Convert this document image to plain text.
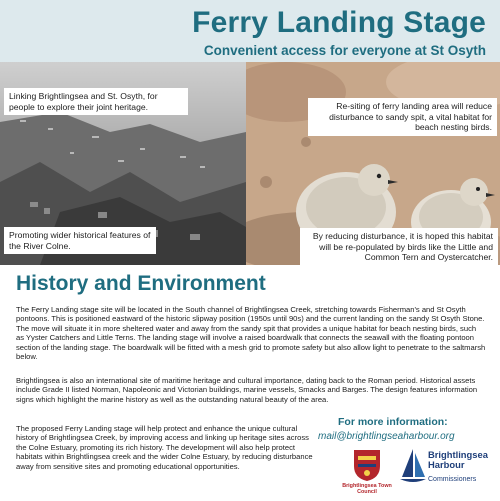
Ferry Landing Stage
Convenient access for everyone at St Osyth
Linking Brightlingsea and St. Osyth, for people to explore their joint heritage.
Promoting wider historical features of the River Colne.
Re-siting of ferry landing area will reduce disturbance to sandy spit, a vital habitat for beach nesting birds.
By reducing disturbance, it is hoped this habitat will be re-populated by birds like the Little and Common Tern and Oystercatcher.
History and Environment

The Ferry Landing stage site will be located in the South channel of Brightlingsea Creek, stretching towards Fisherman's and St Osyth pontoons. This is positioned eastward of the historic slipway position (1950s until 90s) and the current landing on the sandy St Osyth Stone. The move will situate it in more sheltered water and away from the sandy spit that provides a unique habitat for beach nesting birds, such as Yyster Catchers and Little Terns. The landing stage will involve a raised boardwalk that connects the seawall with the floating pontoon section of the landing stage. The boardwalk will be fitted with a mesh grid to promote safety but also allow light to penetrate to the saltmarsh below.

Brightlingsea is also an international site of maritime heritage and cultural importance, dating back to the Roman period. Historical assets include Grade II listed Norman, Napoleonic and Victorian buildings, marine vessels, Smacks and Barges. The design features information signs which highlight the marine history as well as the outstanding natural beauty of the area.

The proposed Ferry Landing stage will help protect and enhance the unique cultural history of Brightlingsea Creek, by improving access and linking up heritage sites across the Colne Estuary, promoting its rich history. The development will also help protect habitats within Brightlingsea creek and the wider Colne Estuary, by reducing disturbance away from sensitive sites and promoting educational opportunities.

For more information:
mail@brightlingseaharbour.org
Brightlingsea Town Council
Brightlingsea
Harbour
Commissioners
